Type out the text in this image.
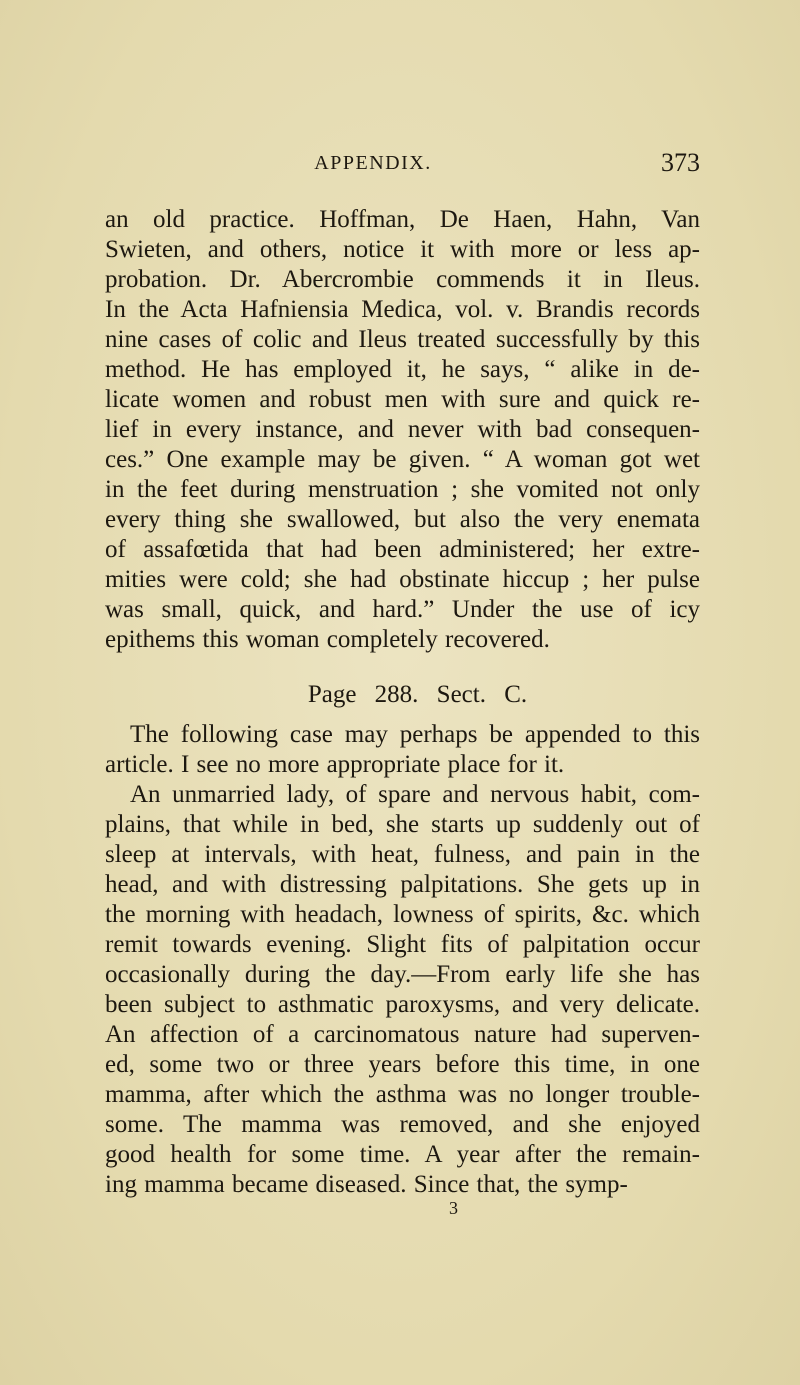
APPENDIX.	373
an old practice. Hoffman, De Haen, Hahn, Van
Swieten, and others, notice it with more or less ap-
probation. Dr. Abercrombie commends it in Ileus.
In the Acta Hafniensia Medica, vol. v. Brandis records
nine cases of colic and Ileus treated successfully by this
method. He has employed it, he says, “ alike in de-
licate women and robust men with sure and quick re-
lief in every instance, and never with bad consequen-
ces.” One example may be given. “ A woman got wet
in the feet during menstruation ; she vomited not only
every thing she swallowed, but also the very enemata
of assafœtida that had been administered; her extre-
mities were cold; she had obstinate hiccup ; her pulse
was small, quick, and hard.” Under the use of icy
epithems this woman completely recovered.
Page 288. Sect. C.
The following case may perhaps be appended to this
article. I see no more appropriate place for it.
An unmarried lady, of spare and nervous habit, com-
plains, that while in bed, she starts up suddenly out of
sleep at intervals, with heat, fulness, and pain in the
head, and with distressing palpitations. She gets up in
the morning with headach, lowness of spirits, &c. which
remit towards evening. Slight fits of palpitation occur
occasionally during the day.—From early life she has
been subject to asthmatic paroxysms, and very delicate.
An affection of a carcinomatous nature had superven-
ed, some two or three years before this time, in one
mamma, after which the asthma was no longer trouble-
some. The mamma was removed, and she enjoyed
good health for some time. A year after the remain-
ing mamma became diseased. Since that, the symp-
3
